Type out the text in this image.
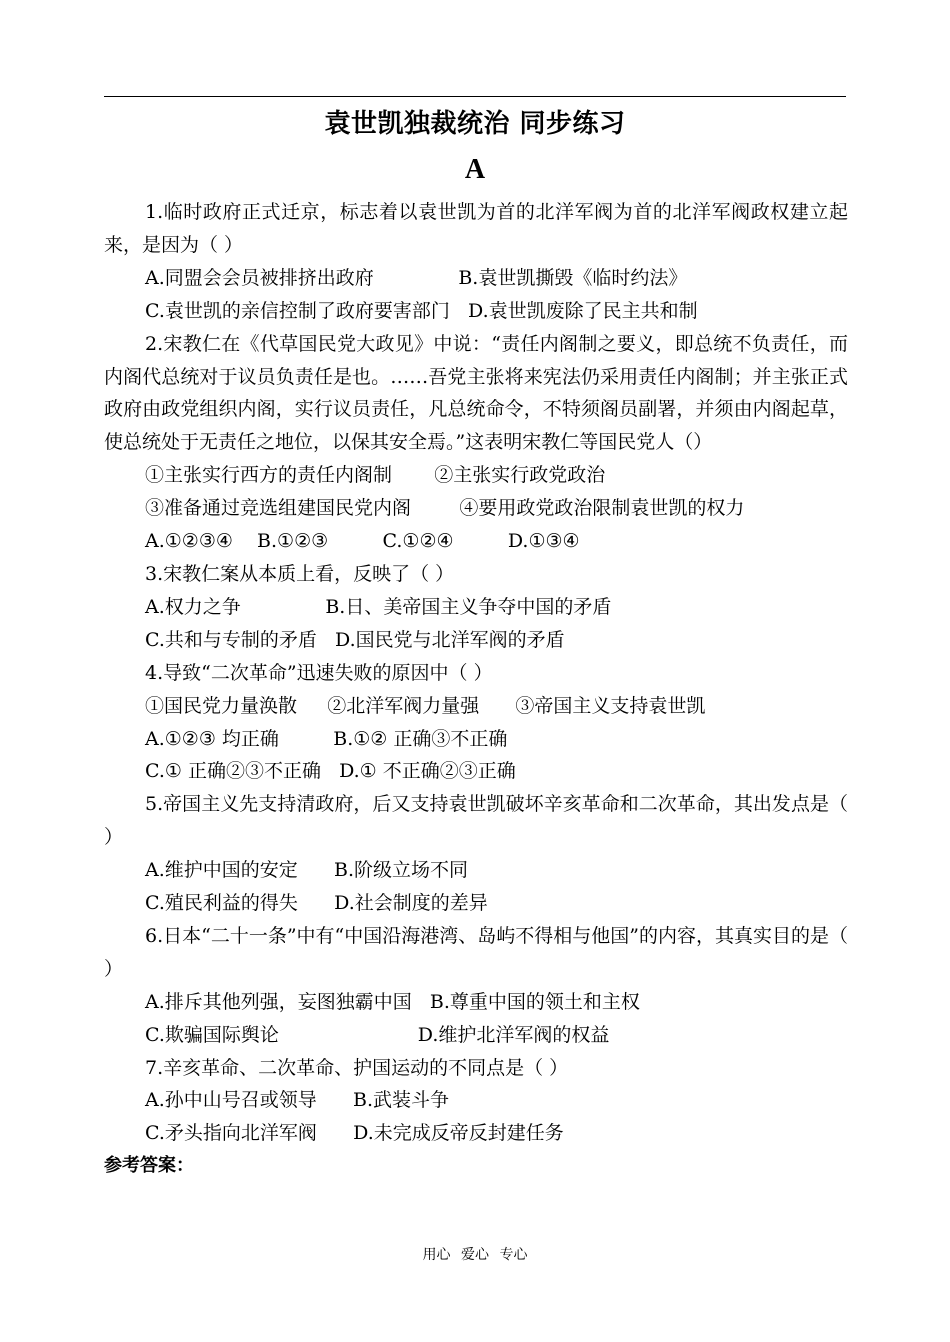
袁世凯独裁统治 同步练习
A

1.临时政府正式迁京，标志着以袁世凯为首的北洋军阀为首的北洋军阀政权建立起来，是因为（ ）

A.同盟会会员被排挤出政府              B.袁世凯撕毁《临时约法》

C.袁世凯的亲信控制了政府要害部门   D.袁世凯废除了民主共和制

2.宋教仁在《代草国民党大政见》中说：“责任内阁制之要义，即总统不负责任，而内阁代总统对于议员负责任是也。……吾党主张将来宪法仍采用责任内阁制；并主张正式政府由政党组织内阁，实行议员责任，凡总统命令，不特须阁员副署，并须由内阁起草，使总统处于无责任之地位，以保其安全焉。”这表明宋教仁等国民党人（）

①主张实行西方的责任内阁制       ②主张实行政党政治

③准备通过竞选组建国民党内阁        ④要用政党政治限制袁世凯的权力

A.①②③④    B.①②③         C.①②④         D.①③④

3.宋教仁案从本质上看，反映了（ ）

A.权力之争              B.日、美帝国主义争夺中国的矛盾

C.共和与专制的矛盾   D.国民党与北洋军阀的矛盾

4.导致“二次革命”迅速失败的原因中（ ）

①国民党力量涣散     ②北洋军阀力量强      ③帝国主义支持袁世凯

A.①②③ 均正确         B.①② 正确③不正确

C.① 正确②③不正确   D.① 不正确②③正确

5.帝国主义先支持清政府，后又支持袁世凯破坏辛亥革命和二次革命，其出发点是（ ）

A.维护中国的安定      B.阶级立场不同

C.殖民利益的得失      D.社会制度的差异

6.日本“二十一条”中有“中国沿海港湾、岛屿不得相与他国”的内容，其真实目的是（ ）

A.排斥其他列强，妄图独霸中国   B.尊重中国的领土和主权

C.欺骗国际舆论                       D.维护北洋军阀的权益

7.辛亥革命、二次革命、护国运动的不同点是（ ）

A.孙中山号召或领导      B.武装斗争

C.矛头指向北洋军阀      D.未完成反帝反封建任务

参考答案：

用心 爱心 专心
